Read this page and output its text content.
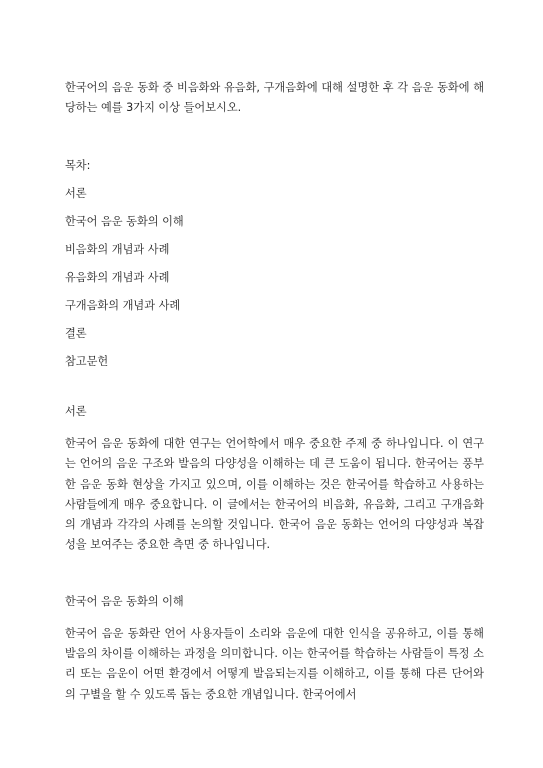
한국어의 음운 동화 중 비음화와 유음화, 구개음화에 대해 설명한 후 각 음운 동화에 해당하는 예를 3가지 이상 들어보시오.

목차:
서론
한국어 음운 동화의 이해
비음화의 개념과 사례
유음화의 개념과 사례
구개음화의 개념과 사례
결론
참고문헌
서론

한국어 음운 동화에 대한 연구는 언어학에서 매우 중요한 주제 중 하나입니다. 이 연구는 언어의 음운 구조와 발음의 다양성을 이해하는 데 큰 도움이 됩니다. 한국어는 풍부한 음운 동화 현상을 가지고 있으며, 이를 이해하는 것은 한국어를 학습하고 사용하는 사람들에게 매우 중요합니다. 이 글에서는 한국어의 비음화, 유음화, 그리고 구개음화의 개념과 각각의 사례를 논의할 것입니다. 한국어 음운 동화는 언어의 다양성과 복잡성을 보여주는 중요한 측면 중 하나입니다.

한국어 음운 동화의 이해

한국어 음운 동화란 언어 사용자들이 소리와 음운에 대한 인식을 공유하고, 이를 통해 발음의 차이를 이해하는 과정을 의미합니다. 이는 한국어를 학습하는 사람들이 특정 소리 또는 음운이 어떤 환경에서 어떻게 발음되는지를 이해하고, 이를 통해 다른 단어와의 구별을 할 수 있도록 돕는 중요한 개념입니다. 한국어에서
